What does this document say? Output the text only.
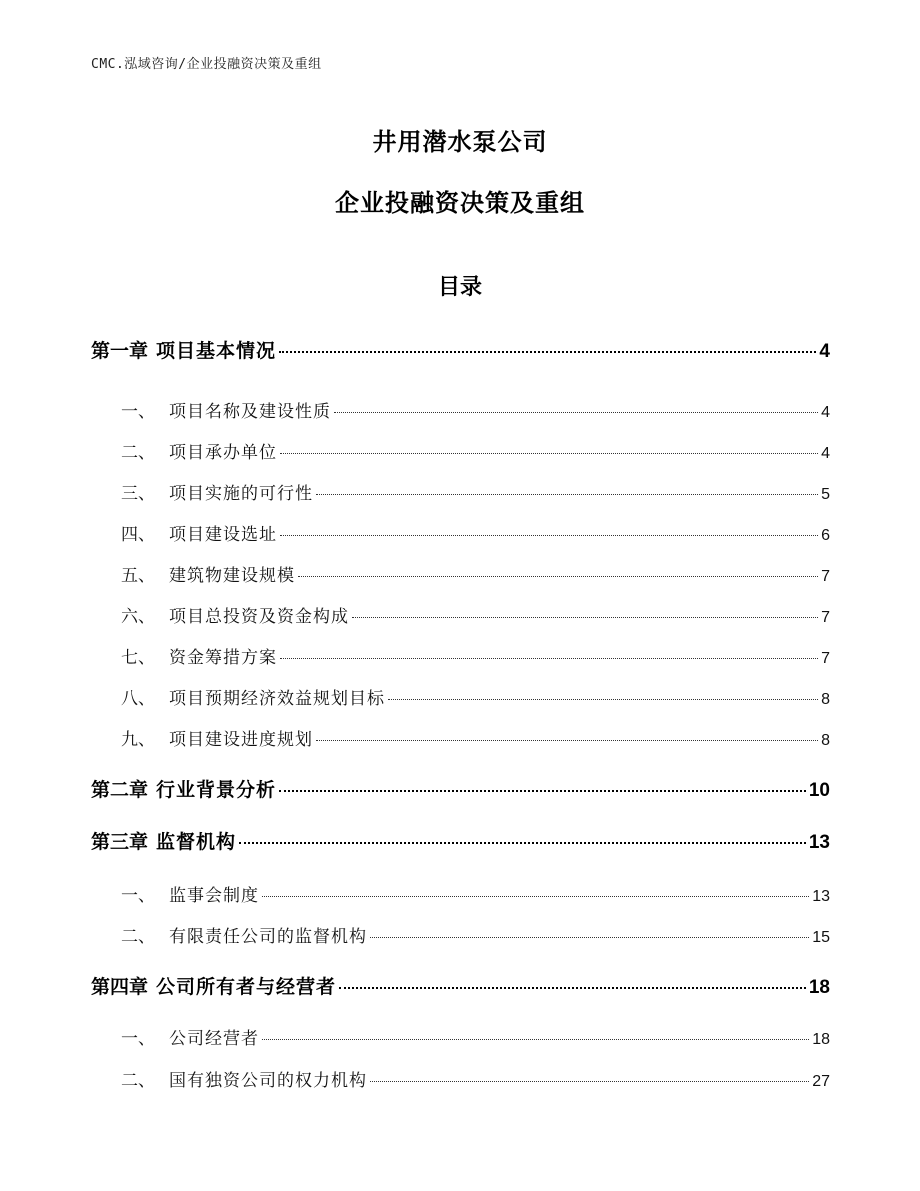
CMC.泓域咨询/企业投融资决策及重组
井用潜水泵公司
企业投融资决策及重组
目录
第一章 项目基本情况	4
一、 项目名称及建设性质	4
二、 项目承办单位	4
三、 项目实施的可行性	5
四、 项目建设选址	6
五、 建筑物建设规模	7
六、 项目总投资及资金构成	7
七、 资金筹措方案	7
八、 项目预期经济效益规划目标	8
九、 项目建设进度规划	8
第二章 行业背景分析	10
第三章 监督机构	13
一、 监事会制度	13
二、 有限责任公司的监督机构	15
第四章 公司所有者与经营者	18
一、 公司经营者	18
二、 国有独资公司的权力机构	27
